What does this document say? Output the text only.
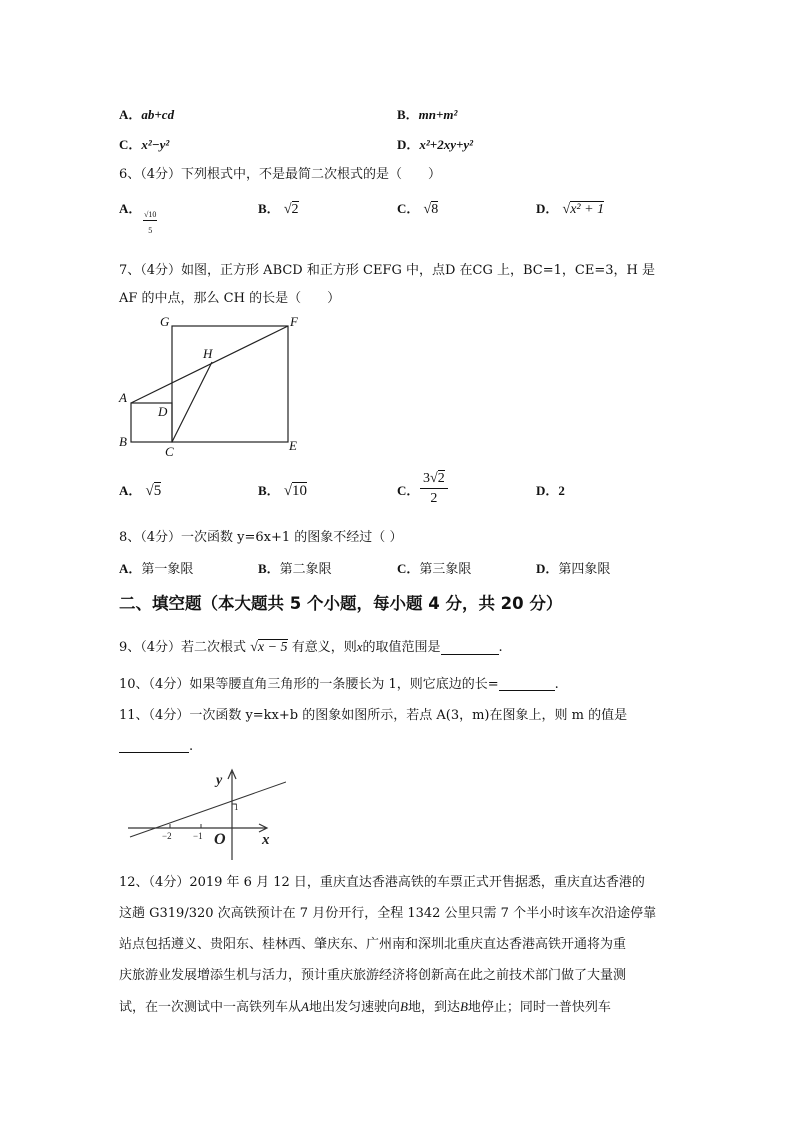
A．ab+cd	B．mn+m²
C．x²−y²	D．x²+2xy+y²
6、（4分）下列根式中，不是最简二次根式的是（　　）
A．
$\frac{√10}{5}$
B． √2	C． √8	D． √x² + 1
7、（4分）如图，正方形 ABCD 和正方形 CEFG 中，点D 在CG 上，BC=1，CE=3，H 是
AF 的中点，那么 CH 的长是（　　）
G	F
H
A
D
B
C	E
A． √5	B． √10	C． $\frac{3√2}{2}$	D．2
8、（4分）一次函数 y=6x+1 的图象不经过（ ）
A．第一象限	B．第二象限	C．第三象限	D．第四象限
二、填空题（本大题共 5 个小题，每小题 4 分，共 20 分）
9、（4分）若二次根式 √x − 5 有意义，则x的取值范围是	.
10、（4分）如果等腰直角三角形的一条腰长为 1，则它底边的长=	.
11、（4分）一次函数 y=kx+b 的图象如图所示，若点 A(3，m)在图象上，则 m 的值是
.
y
1
−2 −1 O x
12、（4分）2019 年 6 月 12 日，重庆直达香港高铁的车票正式开售据悉，重庆直达香港的
这趟 G319/320 次高铁预计在 7 月份开行，全程 1342 公里只需 7 个半小时该车次沿途停靠
站点包括遵义、贵阳东、桂林西、肇庆东、广州南和深圳北重庆直达香港高铁开通将为重
庆旅游业发展增添生机与活力，预计重庆旅游经济将创新高在此之前技术部门做了大量测
试，在一次测试中一高铁列车从A地出发匀速驶向B地，到达B地停止；同时一普快列车
